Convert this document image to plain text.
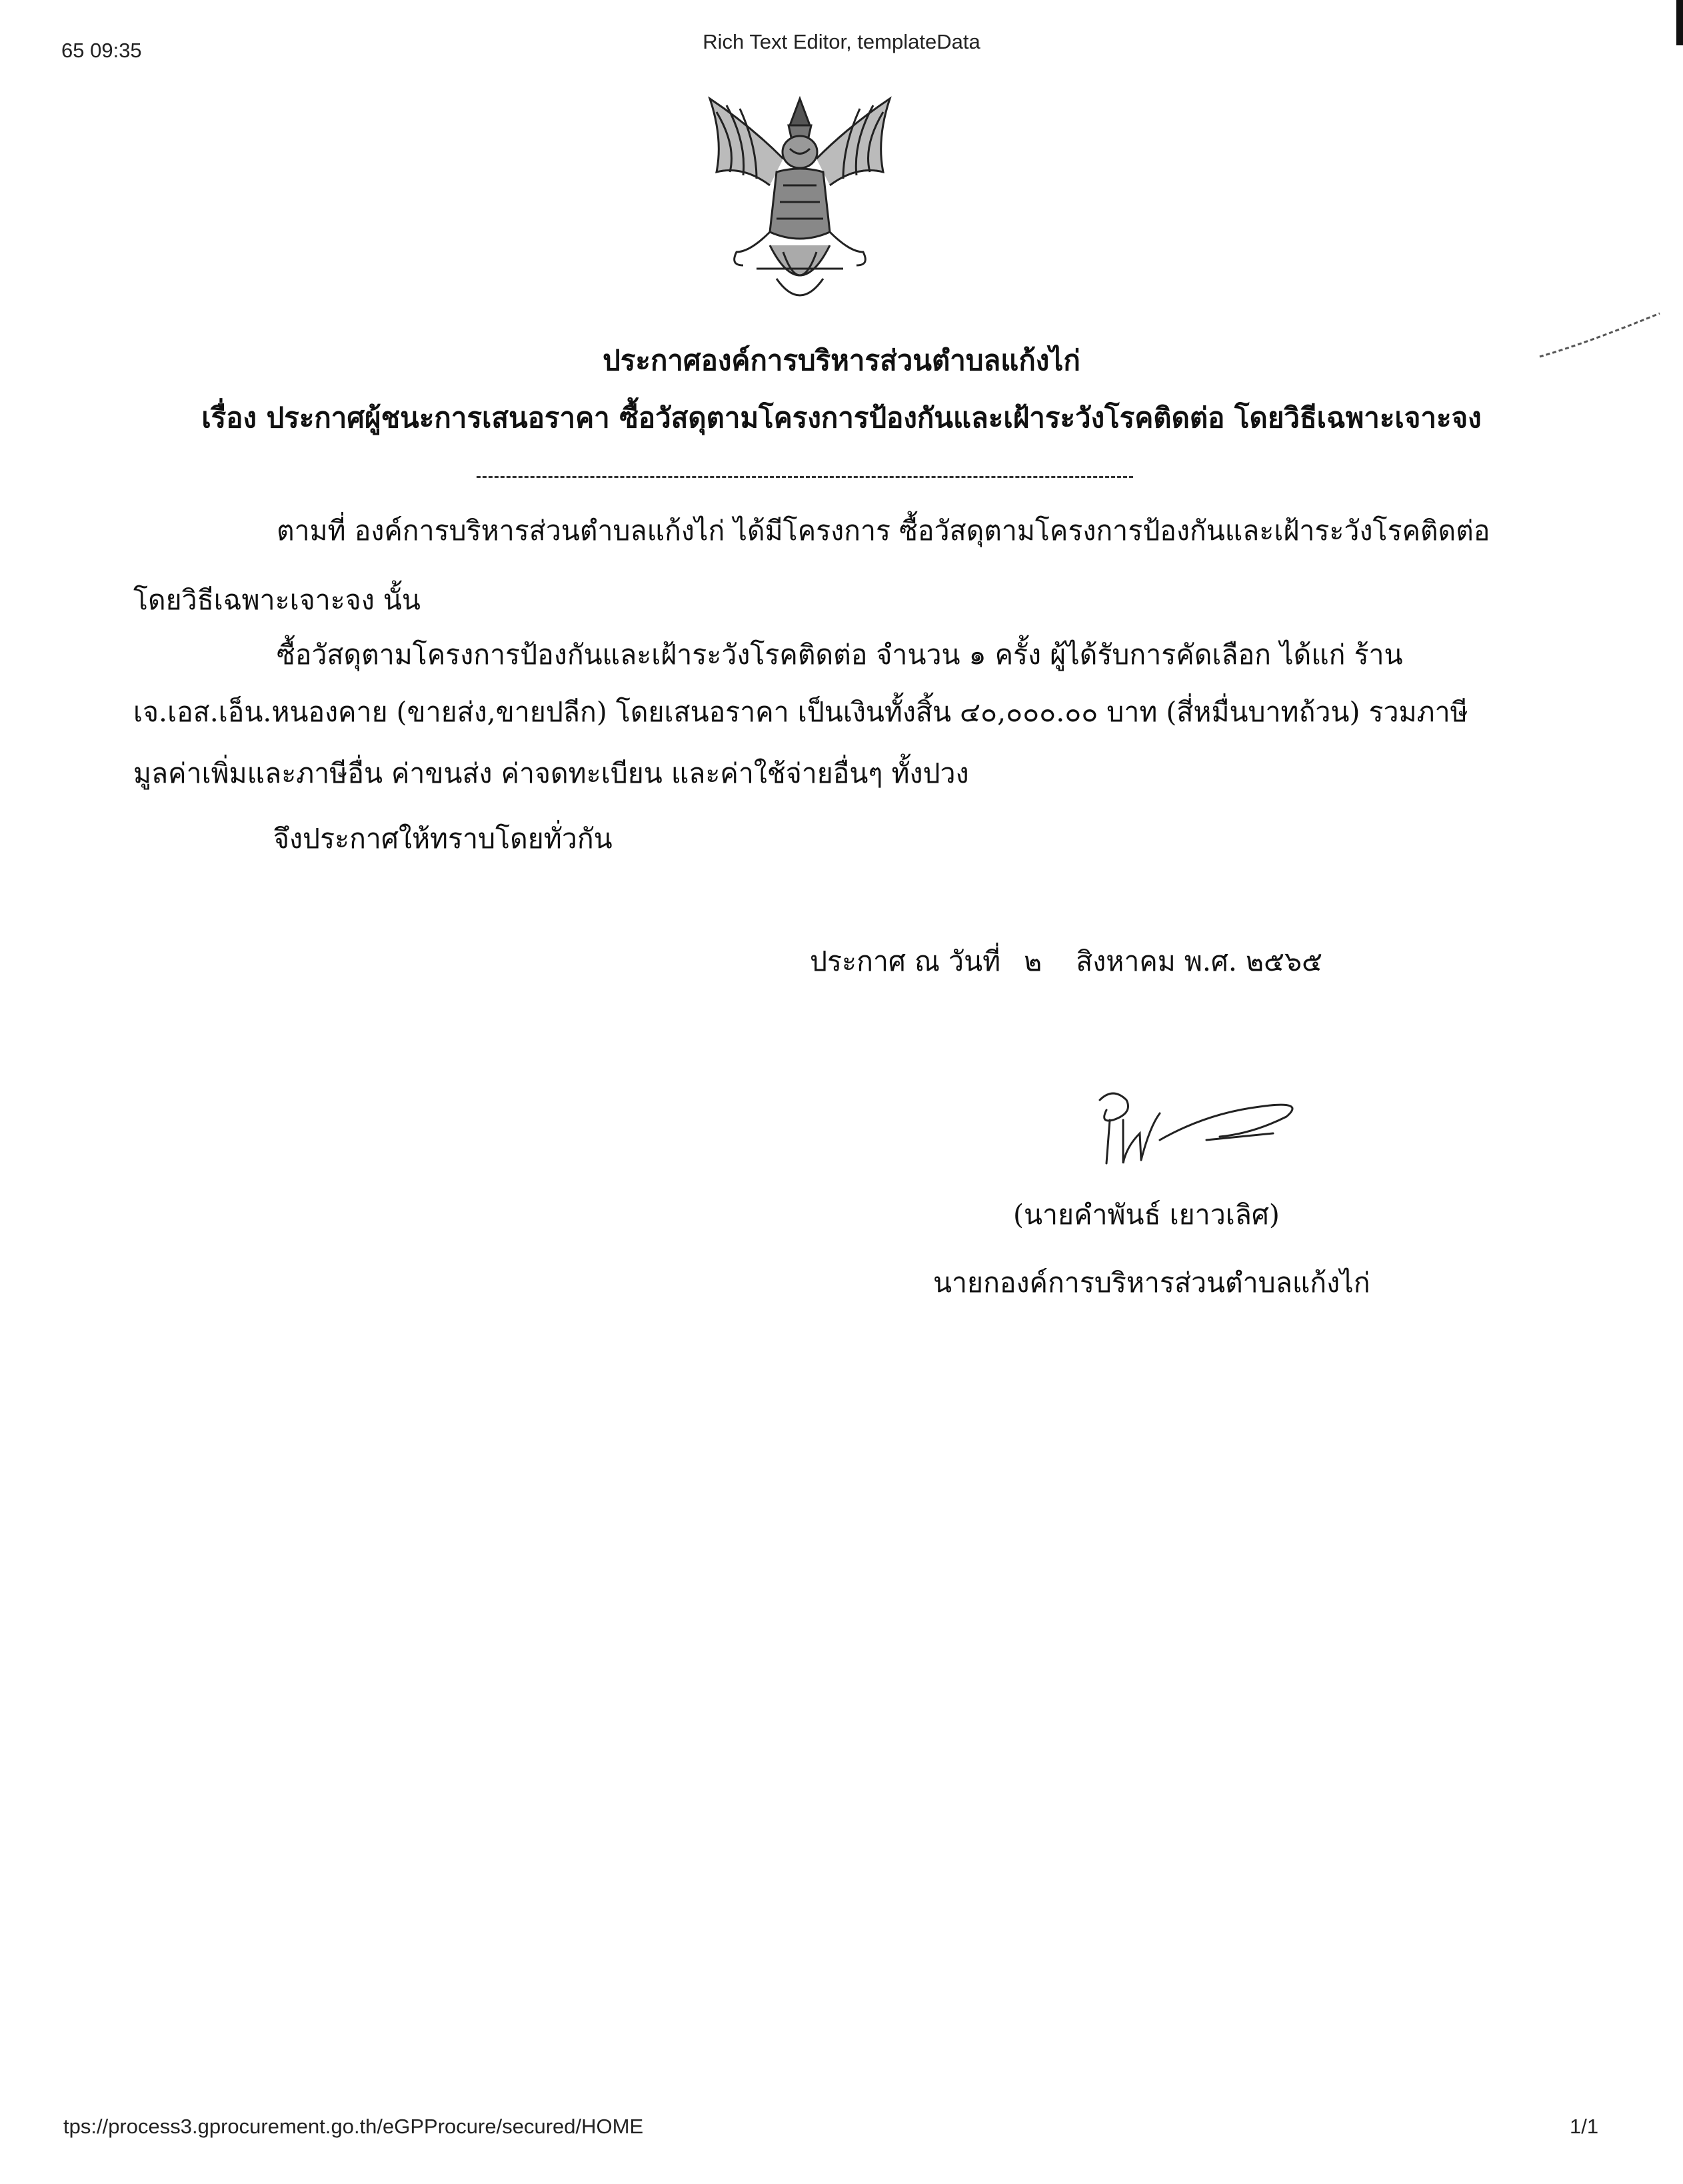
65 09:35	Rich Text Editor, templateData
ประกาศองค์การบริหารส่วนตำบลแก้งไก่
เรื่อง ประกาศผู้ชนะการเสนอราคา ซื้อวัสดุตามโครงการป้องกันและเฝ้าระวังโรคติดต่อ โดยวิธีเฉพาะเจาะจง
ตามที่ องค์การบริหารส่วนตำบลแก้งไก่ ได้มีโครงการ ซื้อวัสดุตามโครงการป้องกันและเฝ้าระวังโรคติดต่อ
โดยวิธีเฉพาะเจาะจง นั้น
ซื้อวัสดุตามโครงการป้องกันและเฝ้าระวังโรคติดต่อ จำนวน ๑ ครั้ง ผู้ได้รับการคัดเลือก ได้แก่ ร้าน
เจ.เอส.เอ็น.หนองคาย (ขายส่ง,ขายปลีก) โดยเสนอราคา เป็นเงินทั้งสิ้น ๔๐,๐๐๐.๐๐ บาท (สี่หมื่นบาทถ้วน) รวมภาษี
มูลค่าเพิ่มและภาษีอื่น ค่าขนส่ง ค่าจดทะเบียน และค่าใช้จ่ายอื่นๆ ทั้งปวง
จึงประกาศให้ทราบโดยทั่วกัน
ประกาศ ณ วันที่ ๒ สิงหาคม พ.ศ. ๒๕๖๕
(นายคำพันธ์ เยาวเลิศ)
นายกองค์การบริหารส่วนตำบลแก้งไก่
tps://process3.gprocurement.go.th/eGPProcure/secured/HOME	1/1
